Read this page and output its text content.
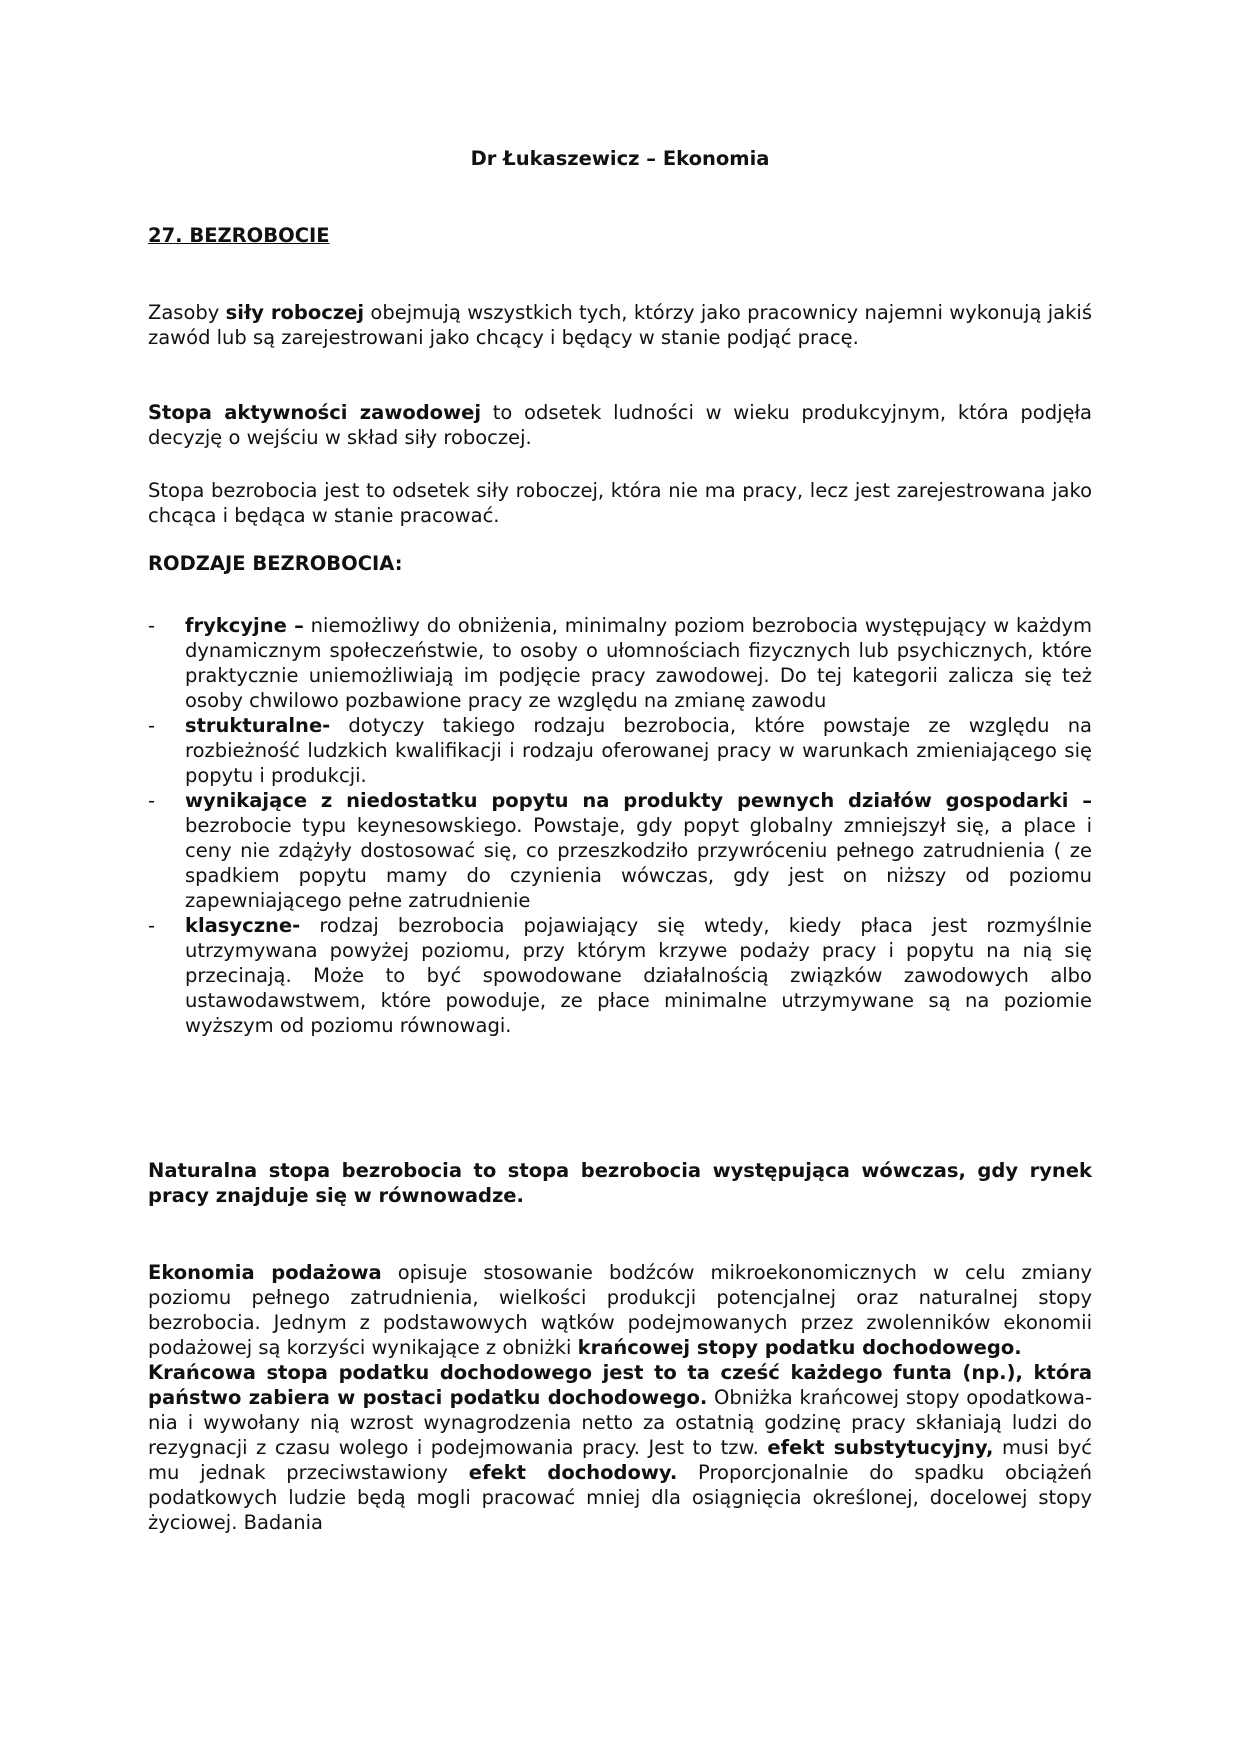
Dr Łukaszewicz – Ekonomia
27. BEZROBOCIE
Zasoby siły roboczej obejmują wszystkich tych, którzy jako pracownicy najemni wykonują jakiś zawód lub są zarejestrowani jako chcący i będący w stanie podjąć pracę.
Stopa aktywności zawodowej to odsetek ludności w wieku produkcyjnym, która podjęła decyzję o wejściu w skład siły roboczej.
Stopa bezrobocia jest to odsetek siły roboczej, która nie ma pracy, lecz jest zarejestrowana jako chcąca i będąca w stanie pracować.
RODZAJE BEZROBOCIA:
- frykcyjne – niemożliwy do obniżenia, minimalny poziom bezrobocia występujący w każdym dynamicznym społeczeństwie, to osoby o ułomnościach fizycznych lub psychicznych, które praktycznie uniemożliwiają im podjęcie pracy zawodowej. Do tej kategorii zalicza się też osoby chwilowo pozbawione pracy ze względu na zmianę zawodu
- strukturalne- dotyczy takiego rodzaju bezrobocia, które powstaje ze względu na rozbieżność ludzkich kwalifikacji i rodzaju oferowanej pracy w warunkach zmieniającego się popytu i produkcji.
- wynikające z niedostatku popytu na produkty pewnych działów gospodarki – bezrobocie typu keynesowskiego. Powstaje, gdy popyt globalny zmniejszył się, a place i ceny nie zdążyły dostosować się, co przeszkodziło przywróceniu pełnego zatrudnienia ( ze spadkiem popytu mamy do czynienia wówczas, gdy jest on niższy od poziomu zapewniającego pełne zatrudnienie
- klasyczne- rodzaj bezrobocia pojawiający się wtedy, kiedy płaca jest rozmyślnie utrzymywana powyżej poziomu, przy którym krzywe podaży pracy i popytu na nią się przecinają. Może to być spowodowane działalnością związków zawodowych albo ustawodawstwem, które powoduje, ze płace minimalne utrzymywane są na poziomie wyższym od poziomu równowagi.
Naturalna stopa bezrobocia to stopa bezrobocia występująca wówczas, gdy rynek pracy znajduje się w równowadze.
Ekonomia podażowa opisuje stosowanie bodźców mikroekonomicznych w celu zmiany poziomu pełnego zatrudnienia, wielkości produkcji potencjalnej oraz naturalnej stopy bezrobocia. Jednym z podstawowych wątków podejmowanych przez zwolenników ekonomii podażowej są korzyści wynikające z obniżki krańcowej stopy podatku dochodowego.
Krańcowa stopa podatku dochodowego jest to ta cześć każdego funta (np.), która państwo zabiera w postaci podatku dochodowego. Obniżka krańcowej stopy opodatkowa-nia i wywołany nią wzrost wynagrodzenia netto za ostatnią godzinę pracy skłaniają ludzi do rezygnacji z czasu wolego i podejmowania pracy. Jest to tzw. efekt substytucyjny, musi być mu jednak przeciwstawiony efekt dochodowy. Proporcjonalnie do spadku obciążeń podatkowych ludzie będą mogli pracować mniej dla osiągnięcia określonej, docelowej stopy życiowej. Badania
